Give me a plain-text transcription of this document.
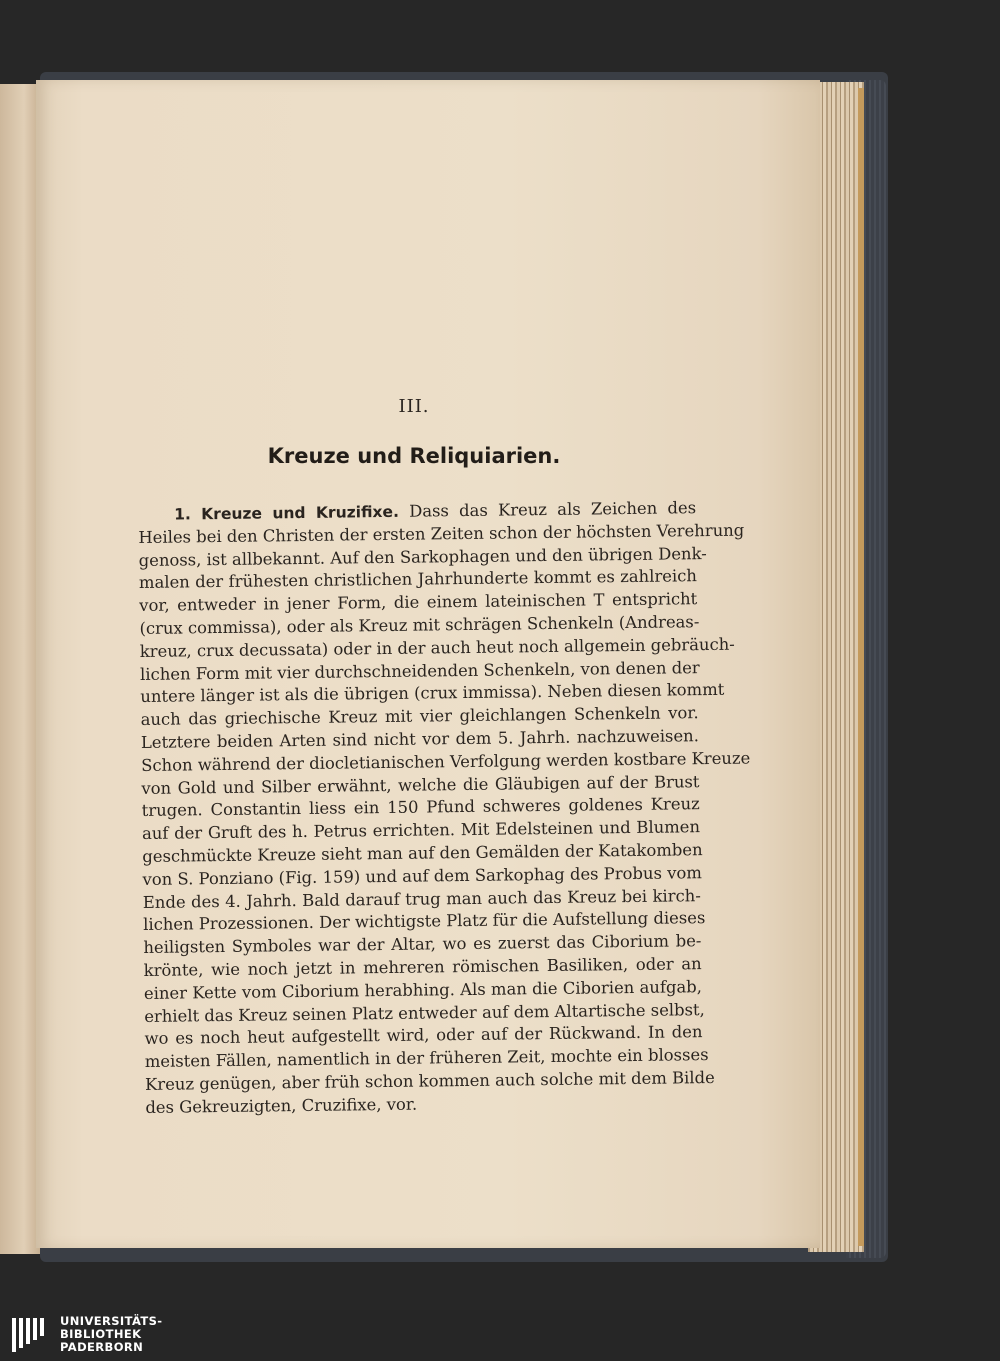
III.
Kreuze und Reliquiarien.
1. Kreuze und Kruzifixe. Dass das Kreuz als Zeichen des
Heiles bei den Christen der ersten Zeiten schon der höchsten Verehrung
genoss, ist allbekannt. Auf den Sarkophagen und den übrigen Denk-
malen der frühesten christlichen Jahrhunderte kommt es zahlreich
vor, entweder in jener Form, die einem lateinischen T entspricht
(crux commissa), oder als Kreuz mit schrägen Schenkeln (Andreas-
kreuz, crux decussata) oder in der auch heut noch allgemein gebräuch-
lichen Form mit vier durchschneidenden Schenkeln, von denen der
untere länger ist als die übrigen (crux immissa). Neben diesen kommt
auch das griechische Kreuz mit vier gleichlangen Schenkeln vor.
Letztere beiden Arten sind nicht vor dem 5. Jahrh. nachzuweisen.
Schon während der diocletianischen Verfolgung werden kostbare Kreuze
von Gold und Silber erwähnt, welche die Gläubigen auf der Brust
trugen. Constantin liess ein 150 Pfund schweres goldenes Kreuz
auf der Gruft des h. Petrus errichten. Mit Edelsteinen und Blumen
geschmückte Kreuze sieht man auf den Gemälden der Katakomben
von S. Ponziano (Fig. 159) und auf dem Sarkophag des Probus vom
Ende des 4. Jahrh. Bald darauf trug man auch das Kreuz bei kirch-
lichen Prozessionen. Der wichtigste Platz für die Aufstellung dieses
heiligsten Symboles war der Altar, wo es zuerst das Ciborium be-
krönte, wie noch jetzt in mehreren römischen Basiliken, oder an
einer Kette vom Ciborium herabhing. Als man die Ciborien aufgab,
erhielt das Kreuz seinen Platz entweder auf dem Altartische selbst,
wo es noch heut aufgestellt wird, oder auf der Rückwand. In den
meisten Fällen, namentlich in der früheren Zeit, mochte ein blosses
Kreuz genügen, aber früh schon kommen auch solche mit dem Bilde
des Gekreuzigten, Cruzifixe, vor.
UNIVERSITÄTS-
BIBLIOTHEK
PADERBORN
